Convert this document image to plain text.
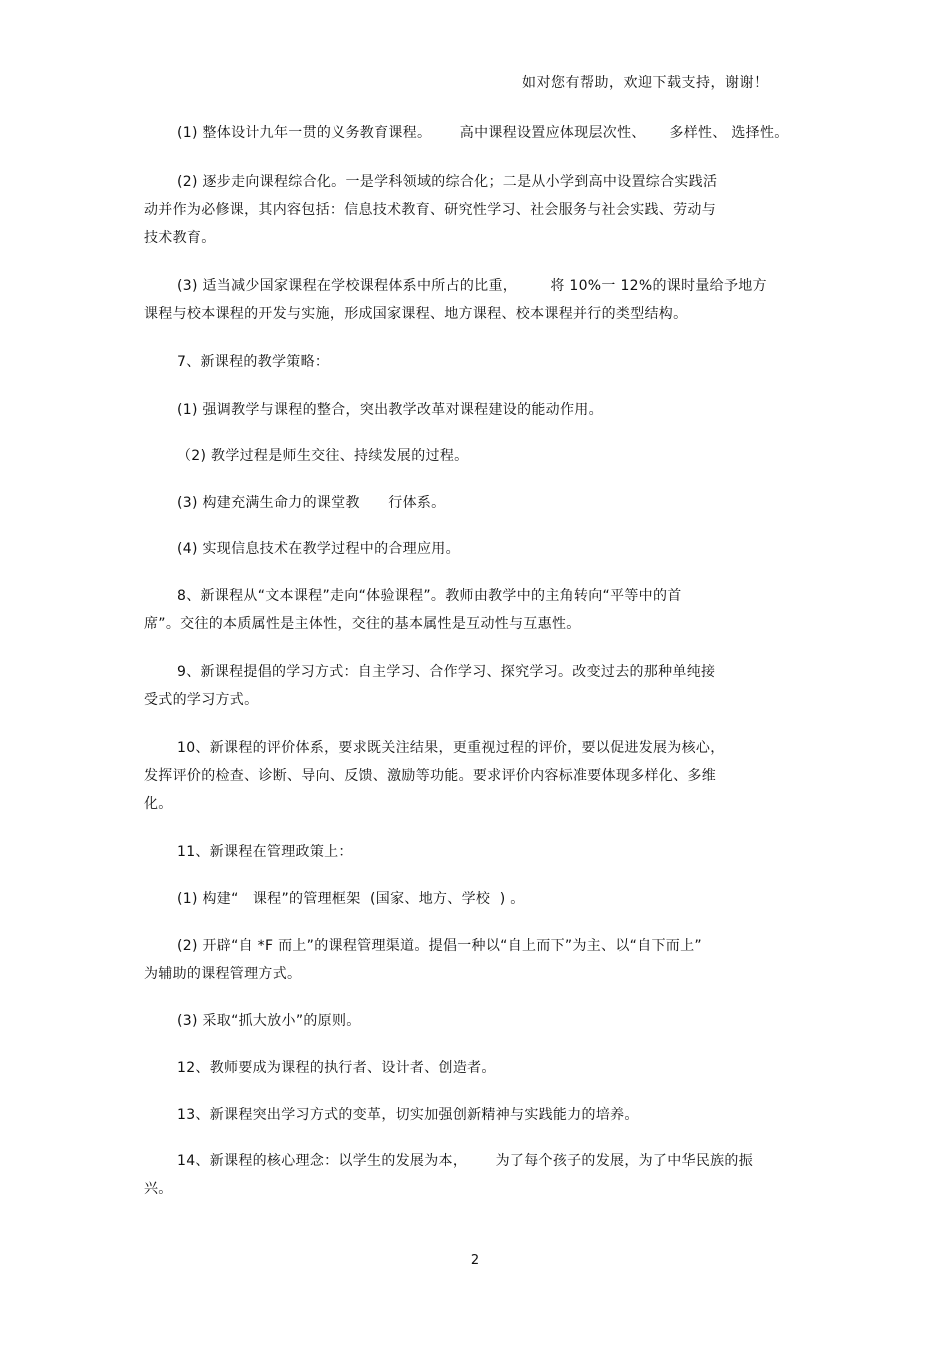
如对您有帮助，欢迎下载支持，谢谢！
(1) 整体设计九年一贯的义务教育课程。      高中课程设置应体现层次性、     多样性、 选择性。
(2) 逐步走向课程综合化。一是学科领域的综合化；二是从小学到高中设置综合实践活
动并作为必修课，其内容包括：信息技术教育、研究性学习、社会服务与社会实践、劳动与
技术教育。
(3) 适当减少国家课程在学校课程体系中所占的比重，       将 10%一 12%的课时量给予地方
课程与校本课程的开发与实施，形成国家课程、地方课程、校本课程并行的类型结构。
7、新课程的教学策略：
(1) 强调教学与课程的整合，突出教学改革对课程建设的能动作用。
（2) 教学过程是师生交往、持续发展的过程。
(3) 构建充满生命力的课堂教      行体系。
(4) 实现信息技术在教学过程中的合理应用。
8、新课程从“文本课程”走向“体验课程”。教师由教学中的主角转向“平等中的首
席”。交往的本质属性是主体性，交往的基本属性是互动性与互惠性。
9、新课程提倡的学习方式：自主学习、合作学习、探究学习。改变过去的那种单纯接
受式的学习方式。
10、新课程的评价体系，要求既关注结果，更重视过程的评价，要以促进发展为核心，
发挥评价的检查、诊断、导向、反馈、激励等功能。要求评价内容标准要体现多样化、多维
化。
11、新课程在管理政策上：
(1) 构建“   课程”的管理框架  (国家、地方、学校  ) 。
(2) 开辟“自 *F 而上”的课程管理渠道。提倡一种以“自上而下”为主、以“自下而上”
为辅助的课程管理方式。
(3) 采取“抓大放小”的原则。
12、教师要成为课程的执行者、设计者、创造者。
13、新课程突出学习方式的变革，切实加强创新精神与实践能力的培养。
14、新课程的核心理念：以学生的发展为本，      为了每个孩子的发展，为了中华民族的振
兴。
2
